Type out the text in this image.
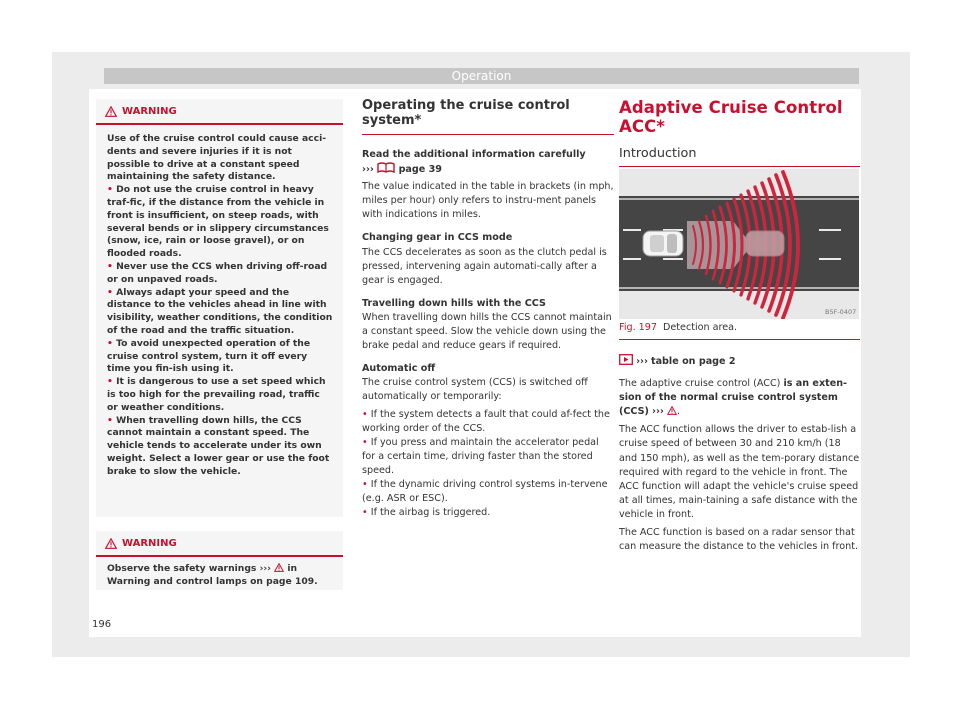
Operation
WARNING

Use of the cruise control could cause acci-dents and severe injuries if it is not possible to drive at a constant speed maintaining the safety distance.

• Do not use the cruise control in heavy traf-fic, if the distance from the vehicle in front is insufficient, on steep roads, with several bends or in slippery circumstances (snow, ice, rain or loose gravel), or on flooded roads.

• Never use the CCS when driving off-road or on unpaved roads.

• Always adapt your speed and the distance to the vehicles ahead in line with visibility, weather conditions, the condition of the road and the traffic situation.

• To avoid unexpected operation of the cruise control system, turn it off every time you fin-ish using it.

• It is dangerous to use a set speed which is too high for the prevailing road, traffic or weather conditions.

• When travelling down hills, the CCS cannot maintain a constant speed. The vehicle tends to accelerate under its own weight. Select a lower gear or use the foot brake to slow the vehicle.

WARNING

Observe the safety warnings ››› in Warning and control lamps on page 109.

Operating the cruise control system*

Read the additional information carefully
›››	page 39

The value indicated in the table in brackets (in mph, miles per hour) only refers to instru-ment panels with indications in miles.

Changing gear in CCS mode

The CCS decelerates as soon as the clutch pedal is pressed, intervening again automati-cally after a gear is engaged.

Travelling down hills with the CCS

When travelling down hills the CCS cannot maintain a constant speed. Slow the vehicle down using the brake pedal and reduce gears if required.

Automatic off

The cruise control system (CCS) is switched off automatically or temporarily:

• If the system detects a fault that could af-fect the working order of the CCS.

• If you press and maintain the accelerator pedal for a certain time, driving faster than the stored speed.

• If the dynamic driving control systems in-tervene (e.g. ASR or ESC).

• If the airbag is triggered.

Adaptive Cruise Control ACC*
Introduction
B5F-0407
Fig. 197 Detection area.

››› table on page 2

The adaptive cruise control (ACC) is an exten-sion of the normal cruise control system (CCS) ››› .

The ACC function allows the driver to estab-lish a cruise speed of between 30 and 210 km/h (18 and 150 mph), as well as the tem-porary distance required with regard to the vehicle in front. The ACC function will adapt the vehicle's cruise speed at all times, main-taining a safe distance with the vehicle in front.

The ACC function is based on a radar sensor that can measure the distance to the vehicles in front.

196
